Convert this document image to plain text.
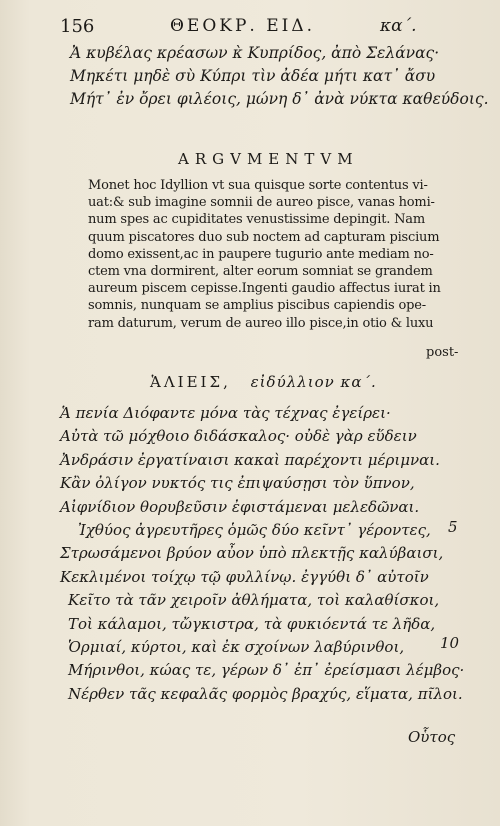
156	ΘΕΟΚΡ. ΕΙΔ.	κα΄.
Ἀ κυβέλας κρέασων κ̀ Κυπρίδος, ἀπὸ Σελάνας·
Μηκέτι μηδὲ σὺ Κύπρι τὶν ἀδέα μήτι κατ᾽ ἄσυ
Μήτ᾽ ἐν ὄρει φιλέοις, μώνη δ᾽ ἀνὰ νύκτα καθεύδοις.
ARGVMENTVM
Monet hoc Idyllion vt sua quisque sorte contentus vi-
uat:& sub imagine somnii de aureo pisce, vanas homi-
num spes ac cupiditates venustissime depingit. Nam
quum piscatores duo sub noctem ad capturam piscium
domo exissent,ac in paupere tugurio ante mediam no-
ctem vna dormirent, alter eorum somniat se grandem
aureum piscem cepisse.Ingenti gaudio affectus iurat in
somnis, nunquam se amplius piscibus capiendis ope-
ram daturum, verum de aureo illo pisce,in otio & luxu
post-
ἉΛΙΕΙΣ, εἰδύλλιον κα΄.
Ἁ πενία Διόφαντε μόνα τὰς τέχνας ἐγείρει·
Αὐτὰ τῶ μόχθοιο διδάσκαλος· οὐδὲ γὰρ εὕδειν
Ἀνδράσιν ἐργατίναισι κακαὶ παρέχοντι μέριμναι.
Κἂν ὀλίγον νυκτός τις ἐπιψαύσῃσι τὸν ὕπνον,
Αἰφνίδιον θορυβεῦσιν ἐφιστάμεναι μελεδῶναι.
Ἰχθύος ἀγρευτῆρες ὁμῶς δύο κεῖντ᾽ γέροντες,
Στρωσάμενοι βρύον αὖον ὑπὸ πλεκτῇς καλύβαισι,
Κεκλιμένοι τοίχῳ τῷ φυλλίνῳ. ἐγγύθι δ᾽ αὐτοῖν
Κεῖτο τὰ τᾶν χειροῖν ἀθλήματα, τοὶ καλαθίσκοι,
Τοὶ κάλαμοι, τὤγκιστρα, τὰ φυκιόεντά τε λῆδα,
Ὁρμιαί, κύρτοι, καὶ ἐκ σχοίνων λαβύρινθοι,
Μήρινθοι, κώας τε, γέρων δ᾽ ἐπ᾽ ἐρείσμασι λέμβος·
Νέρθεν τᾶς κεφαλᾶς φορμὸς βραχύς, εἵματα, πῖλοι.
5
10
Οὗτος
